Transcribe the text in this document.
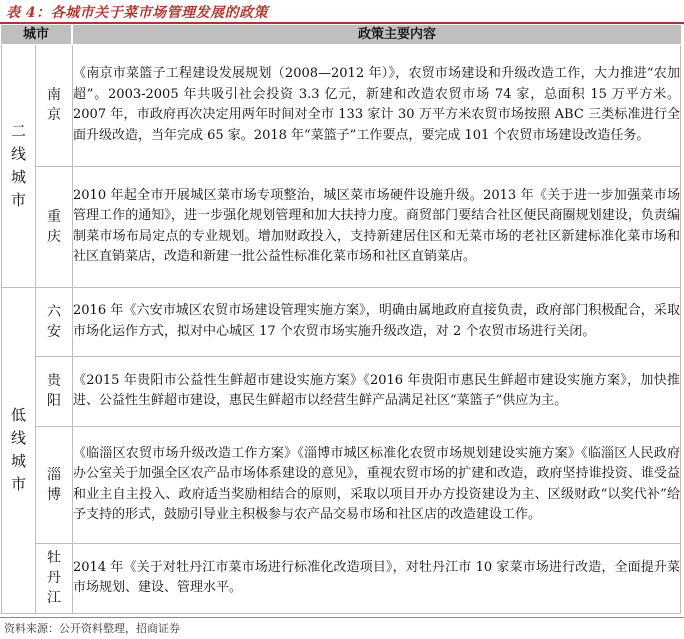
表 4：各城市关于菜市场管理发展的政策
城市	政策主要内容
二线城市	南京	《南京市菜篮子工程建设发展规划（2008—2012 年）》，农贸市场建设和升级改造工作，大力推进“农加超”。2003-2005 年共吸引社会投资 3.3 亿元，新建和改造农贸市场 74 家，总面积 15 万平方米。2007 年，市政府再次决定用两年时间对全市 133 家计 30 万平方米农贸市场按照 ABC 三类标准进行全面升级改造，当年完成 65 家。2018 年“菜篮子”工作要点，要完成 101 个农贸市场建设改造任务。
	重庆	2010 年起全市开展城区菜市场专项整治，城区菜市场硬件设施升级。2013 年《关于进一步加强菜市场管理工作的通知》，进一步强化规划管理和加大扶持力度。商贸部门要结合社区便民商圈规划建设，负责编制菜市场布局定点的专业规划。增加财政投入，支持新建居住区和无菜市场的老社区新建标准化菜市场和社区直销菜店，改造和新建一批公益性标准化菜市场和社区直销菜店。
低线城市	六安	2016 年《六安市城区农贸市场建设管理实施方案》，明确由属地政府直接负责，政府部门积极配合，采取市场化运作方式，拟对中心城区 17 个农贸市场实施升级改造，对 2 个农贸市场进行关闭。
	贵阳	《2015 年贵阳市公益性生鲜超市建设实施方案》《2016 年贵阳市惠民生鲜超市建设实施方案》，加快推进、公益性生鲜超市建设，惠民生鲜超市以经营生鲜产品满足社区“菜篮子”供应为主。
	淄博	《临淄区农贸市场升级改造工作方案》《淄博市城区标准化农贸市场规划建设实施方案》《临淄区人民政府办公室关于加强全区农产品市场体系建设的意见》，重视农贸市场的扩建和改造，政府坚持谁投资、谁受益和业主自主投入、政府适当奖励相结合的原则，采取以项目开办方投资建设为主、区级财政“以奖代补”给予支持的形式，鼓励引导业主积极参与农产品交易市场和社区店的改造建设工作。
	牡丹江	2014 年《关于对牡丹江市菜市场进行标准化改造项目》，对牡丹江市 10 家菜市场进行改造，全面提升菜市场规划、建设、管理水平。
资料来源：公开资料整理，招商证券
